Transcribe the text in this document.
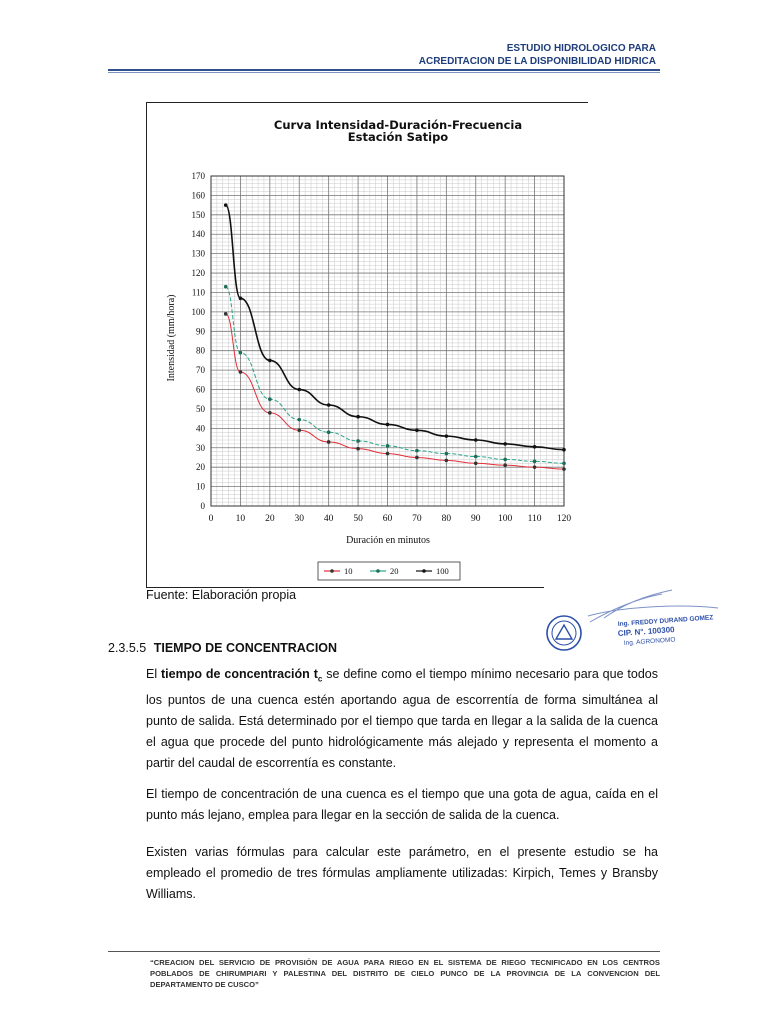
ESTUDIO HIDROLOGICO PARA
ACREDITACION DE LA DISPONIBILIDAD HIDRICA
Curva Intensidad-Duración-Frecuencia
Estación Satipo
0
10
20
30
40
50
60
70
80
90
100
110
120
130
140
150
160
170
0 10 20 30 40 50 60 70 80 90 100 110 120
Duración en minutos
Intensidad (mm/hora)
10	20	100
Fuente: Elaboración propia
Ing. FREDDY DURAND GOMEZ
CIP. N°. 100300
Ing. AGRONOMO
2.3.5.5 TIEMPO DE CONCENTRACION
El tiempo de concentración $t_c$ se define como el tiempo mínimo necesario para que todos los puntos de una cuenca estén aportando agua de escorrentía de forma simultánea al punto de salida. Está determinado por el tiempo que tarda en llegar a la salida de la cuenca el agua que procede del punto hidrológicamente más alejado y representa el momento a partir del caudal de escorrentía es constante.
El tiempo de concentración de una cuenca es el tiempo que una gota de agua, caída en el punto más lejano, emplea para llegar en la sección de salida de la cuenca.
Existen varias fórmulas para calcular este parámetro, en el presente estudio se ha empleado el promedio de tres fórmulas ampliamente utilizadas: Kirpich, Temes y Bransby Williams.
“CREACION DEL SERVICIO DE PROVISIÓN DE AGUA PARA RIEGO EN EL SISTEMA DE RIEGO TECNIFICADO EN LOS CENTROS POBLADOS DE CHIRUMPIARI Y PALESTINA DEL DISTRITO DE CIELO PUNCO DE LA PROVINCIA DE LA CONVENCION DEL DEPARTAMENTO DE CUSCO”
